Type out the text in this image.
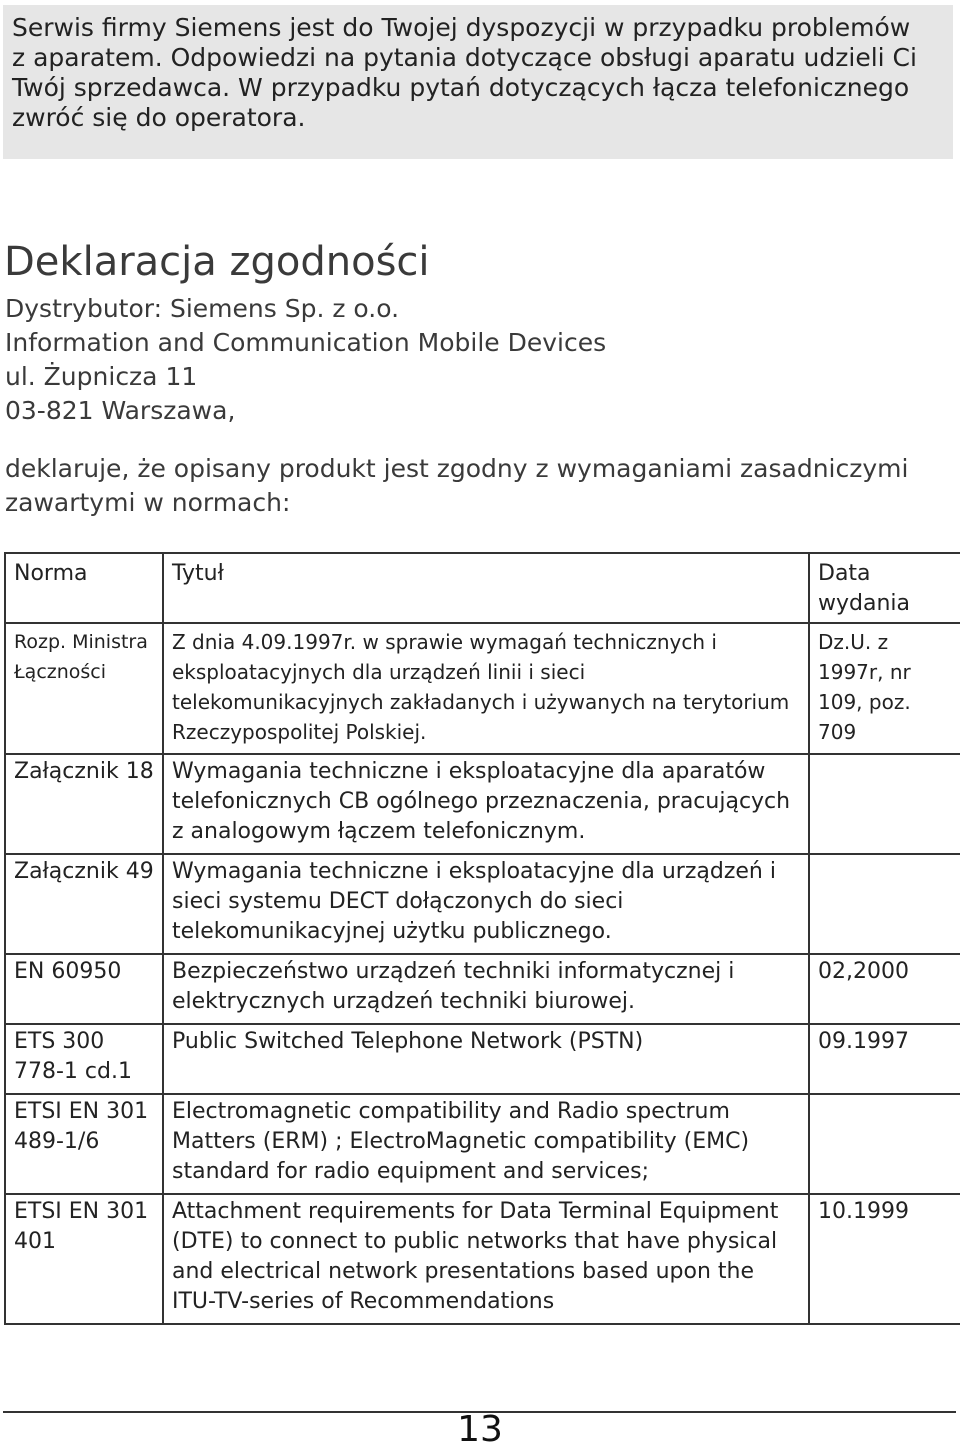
Serwis firmy Siemens jest do Twojej dyspozycji w przypadku problemów

z aparatem. Odpowiedzi na pytania dotyczące obsługi aparatu udzieli Ci

Twój sprzedawca. W przypadku pytań dotyczących łącza telefonicznego

zwróć się do operatora.

Deklaracja zgodności
Dystrybutor: Siemens Sp. z o.o.
Information and Communication Mobile Devices
ul. Żupnicza 11
03-821 Warszawa,

deklaruje, że opisany produkt jest zgodny z wymaganiami zasadniczymi zawartymi w normach:

Norma	Tytuł	Data wydania
Rozp. Ministra Łączności	Z dnia 4.09.1997r. w sprawie wymagań technicznych i eksploatacyjnych dla urządzeń linii i sieci telekomunikacyjnych zakładanych i używanych na terytorium Rzeczypospolitej Polskiej.	Dz.U. z 1997r, nr 109, poz. 709
Załącznik 18	Wymagania techniczne i eksploatacyjne dla aparatów telefonicznych CB ogólnego przeznaczenia, pracujących z analogowym łączem telefonicznym.	
Załącznik 49	Wymagania techniczne i eksploatacyjne dla urządzeń i sieci systemu DECT dołączonych do sieci telekomunikacyjnej użytku publicznego.	
EN 60950	Bezpieczeństwo urządzeń techniki informatycznej i elektrycznych urządzeń techniki biurowej.	02,2000
ETS 300 778-1 cd.1	Public Switched Telephone Network (PSTN)	09.1997
ETSI EN 301 489-1/6	Electromagnetic compatibility and Radio spectrum Matters (ERM) ; ElectroMagnetic compatibility (EMC) standard for radio equipment and services;	
ETSI EN 301 401	Attachment requirements for Data Terminal Equipment (DTE) to connect to public networks that have physical and electrical network presentations based upon the ITU-TV-series of Recommendations	10.1999
13
